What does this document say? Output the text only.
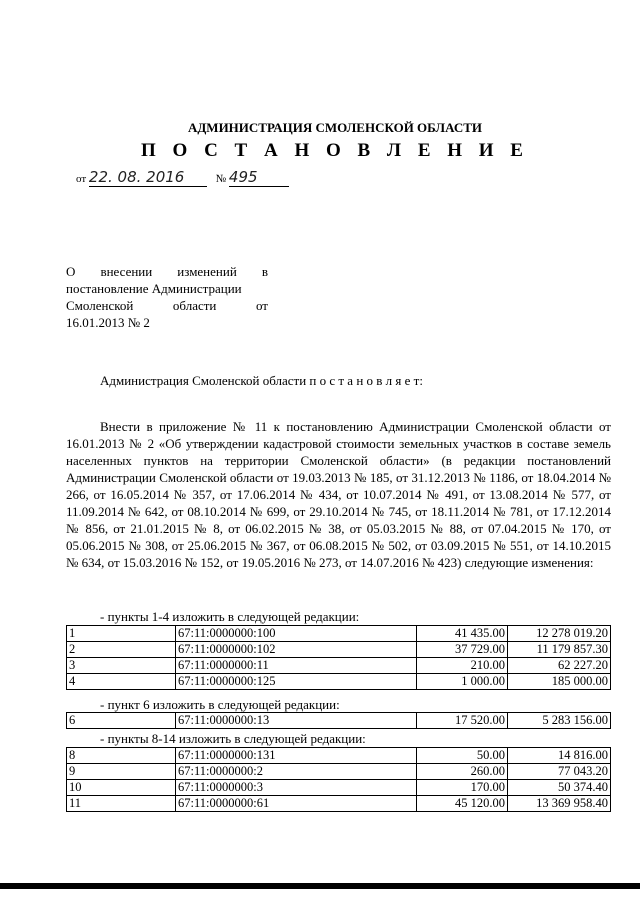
АДМИНИСТРАЦИЯ СМОЛЕНСКОЙ ОБЛАСТИ
П О С Т А Н О В Л Е Н И Е
от 22. 08. 2016	№ 495
О внесении изменений в
постановление Администрации
Смоленской области от
16.01.2013 № 2
Администрация Смоленской области п о с т а н о в л я е т:
Внести в приложение № 11 к постановлению Администрации Смоленской области от 16.01.2013 № 2 «Об утверждении кадастровой стоимости земельных участков в составе земель населенных пунктов на территории Смоленской области» (в редакции постановлений Администрации Смоленской области от 19.03.2013 № 185, от 31.12.2013 № 1186, от 18.04.2014 № 266, от 16.05.2014 № 357, от 17.06.2014 № 434, от 10.07.2014 № 491, от 13.08.2014 № 577, от 11.09.2014 № 642, от 08.10.2014 № 699, от 29.10.2014 № 745, от 18.11.2014 № 781, от 17.12.2014 № 856, от 21.01.2015 № 8, от 06.02.2015 № 38, от 05.03.2015 № 88, от 07.04.2015 № 170, от 05.06.2015 № 308, от 25.06.2015 № 367, от 06.08.2015 № 502, от 03.09.2015 № 551, от 14.10.2015 № 634, от 15.03.2016 № 152, от 19.05.2016 № 273, от 14.07.2016 № 423) следующие изменения:
- пункты 1-4 изложить в следующей редакции:
1	67:11:0000000:100	41 435.00	12 278 019.20
2	67:11:0000000:102	37 729.00	11 179 857.30
3	67:11:0000000:11	210.00	62 227.20
4	67:11:0000000:125	1 000.00	185 000.00
- пункт 6 изложить в следующей редакции:
6	67:11:0000000:13	17 520.00	5 283 156.00
- пункты 8-14 изложить в следующей редакции:
8	67:11:0000000:131	50.00	14 816.00
9	67:11:0000000:2	260.00	77 043.20
10	67:11:0000000:3	170.00	50 374.40
11	67:11:0000000:61	45 120.00	13 369 958.40
